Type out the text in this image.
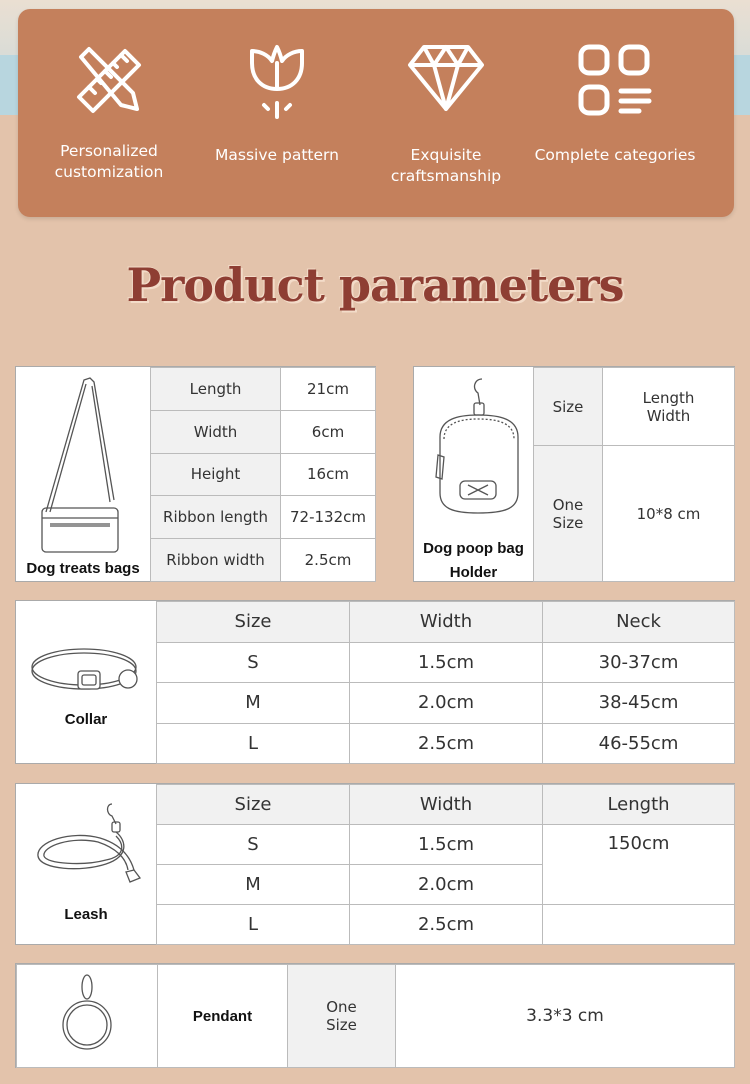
Personalized customization
Massive pattern	Exquisite craftsmanship
Complete categories
Product parameters
Dog treats bags
Length	21cm
Width	6cm
Height	16cm
Ribbon length	72-132cm
Ribbon width	2.5cm
Dog poop bag Holder
Size	Length Width
One Size	10*8 cm
Collar
Size	Width	Neck
S	1.5cm	30-37cm
M	2.0cm	38-45cm
L	2.5cm	46-55cm
Leash
Size	Width	Length
S	1.5cm	150cm
M	2.0cm	
L	2.5cm	
	Pendant	One Size	3.3*3 cm
